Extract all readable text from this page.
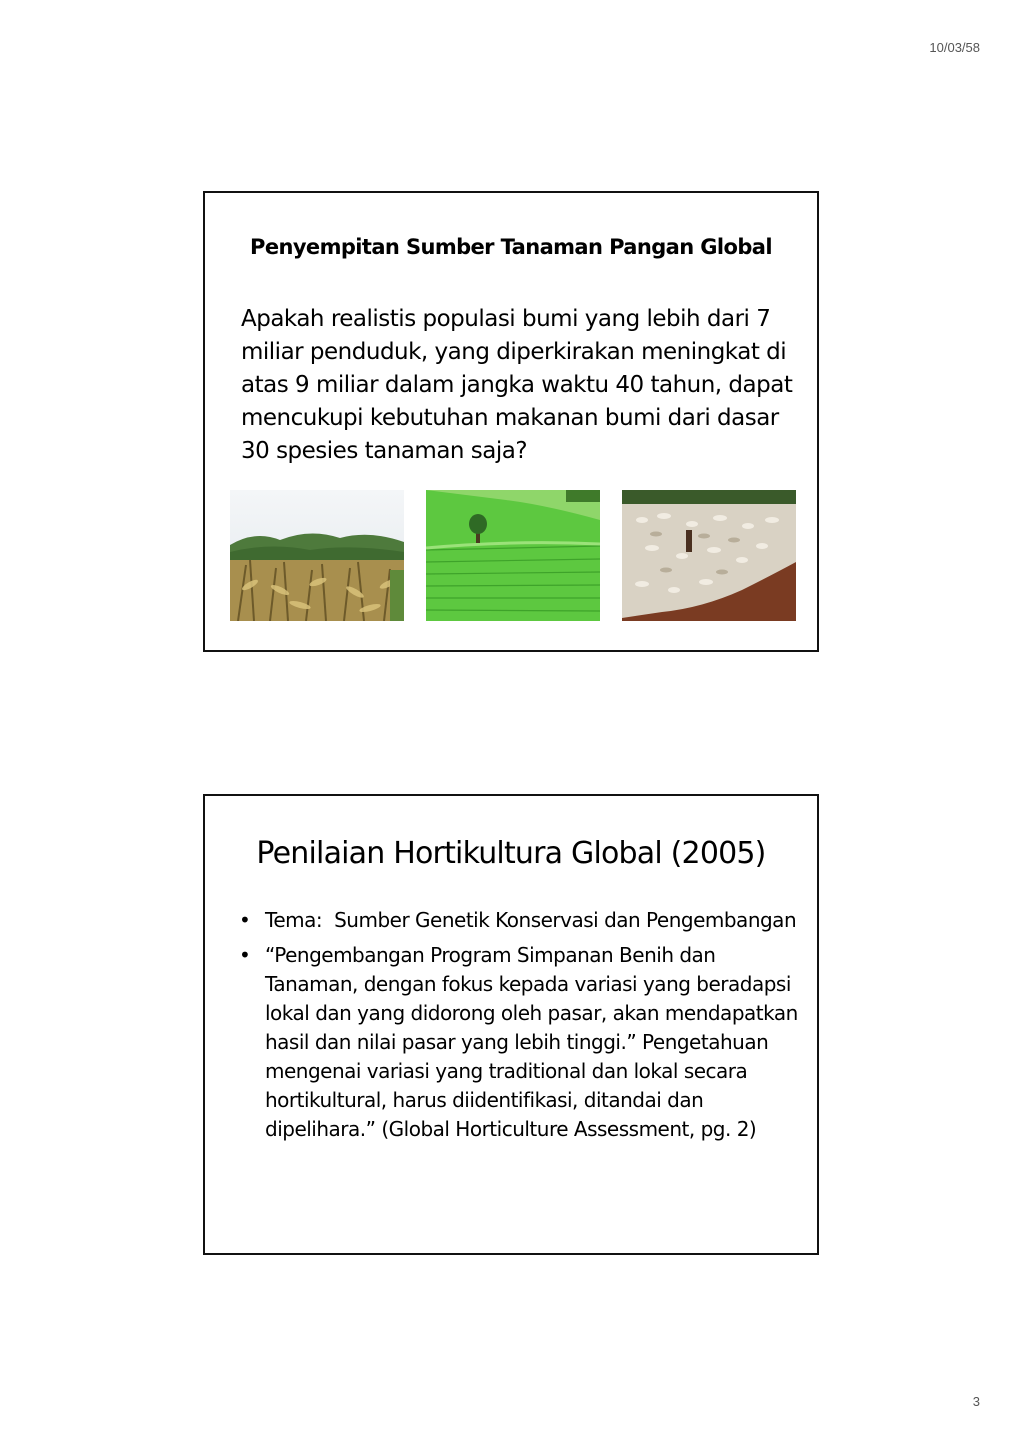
10/03/58
Penyempitan Sumber Tanaman Pangan Global

Apakah realistis populasi bumi yang lebih dari 7 miliar penduduk, yang diperkirakan meningkat di atas 9 miliar dalam jangka waktu 40 tahun, dapat mencukupi kebutuhan makanan bumi dari dasar 30 spesies tanaman saja?

Penilaian Hortikultura Global (2005)
• Tema: Sumber Genetik Konservasi dan Pengembangan
• “Pengembangan Program Simpanan Benih dan Tanaman, dengan fokus kepada variasi yang beradapsi lokal dan yang didorong oleh pasar, akan mendapatkan hasil dan nilai pasar yang lebih tinggi.” Pengetahuan mengenai variasi yang traditional dan lokal secara hortikultural, harus diidentifikasi, ditandai dan dipelihara.” (Global Horticulture Assessment, pg. 2)
3
